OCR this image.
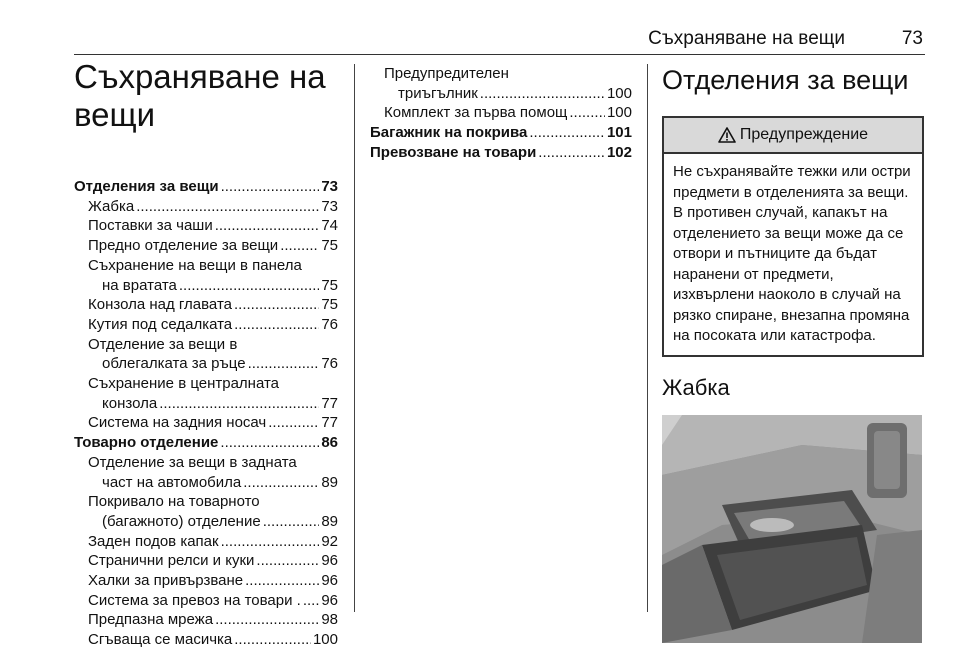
Съхраняване на вещи	73
Съхраняване на вещи
Отделения за вещи .....	73
Жабка .....	73
Поставки за чаши .....	74
Предно отделение за вещи .....	75
Съхранение на вещи в панела
на вратата .....	75
Конзола над главата .....	75
Кутия под седалката .....	76
Отделение за вещи в
облегалката за ръце .....	76
Съхранение в централната
конзола .....	77
Система на задния носач .....	77
Товарно отделение .....	86
Отделение за вещи в задната
част на автомобила .....	89
Покривало на товарното
(багажното) отделение .....	89
Заден подов капак .....	92
Странични релси и куки .....	96
Халки за привързване .....	96
Система за превоз на товари . ..... 96
Предпазна мрежа .....	98
Сгъваща се масичка .....	100
Предупредителен
триъгълник .....	100
Комплект за първа помощ .....	100
Багажник на покрива .....	101
Превозване на товари .....	102
Отделения за вещи
Предупреждение
Не съхранявайте тежки или остри предмети в отделенията за вещи. В противен случай, капакът на отделението за вещи може да се отвори и пътниците да бъдат наранени от предмети, изхвърлени наоколо в случай на рязко спиране, внезапна промяна на посоката или катастрофа.
Жабка
